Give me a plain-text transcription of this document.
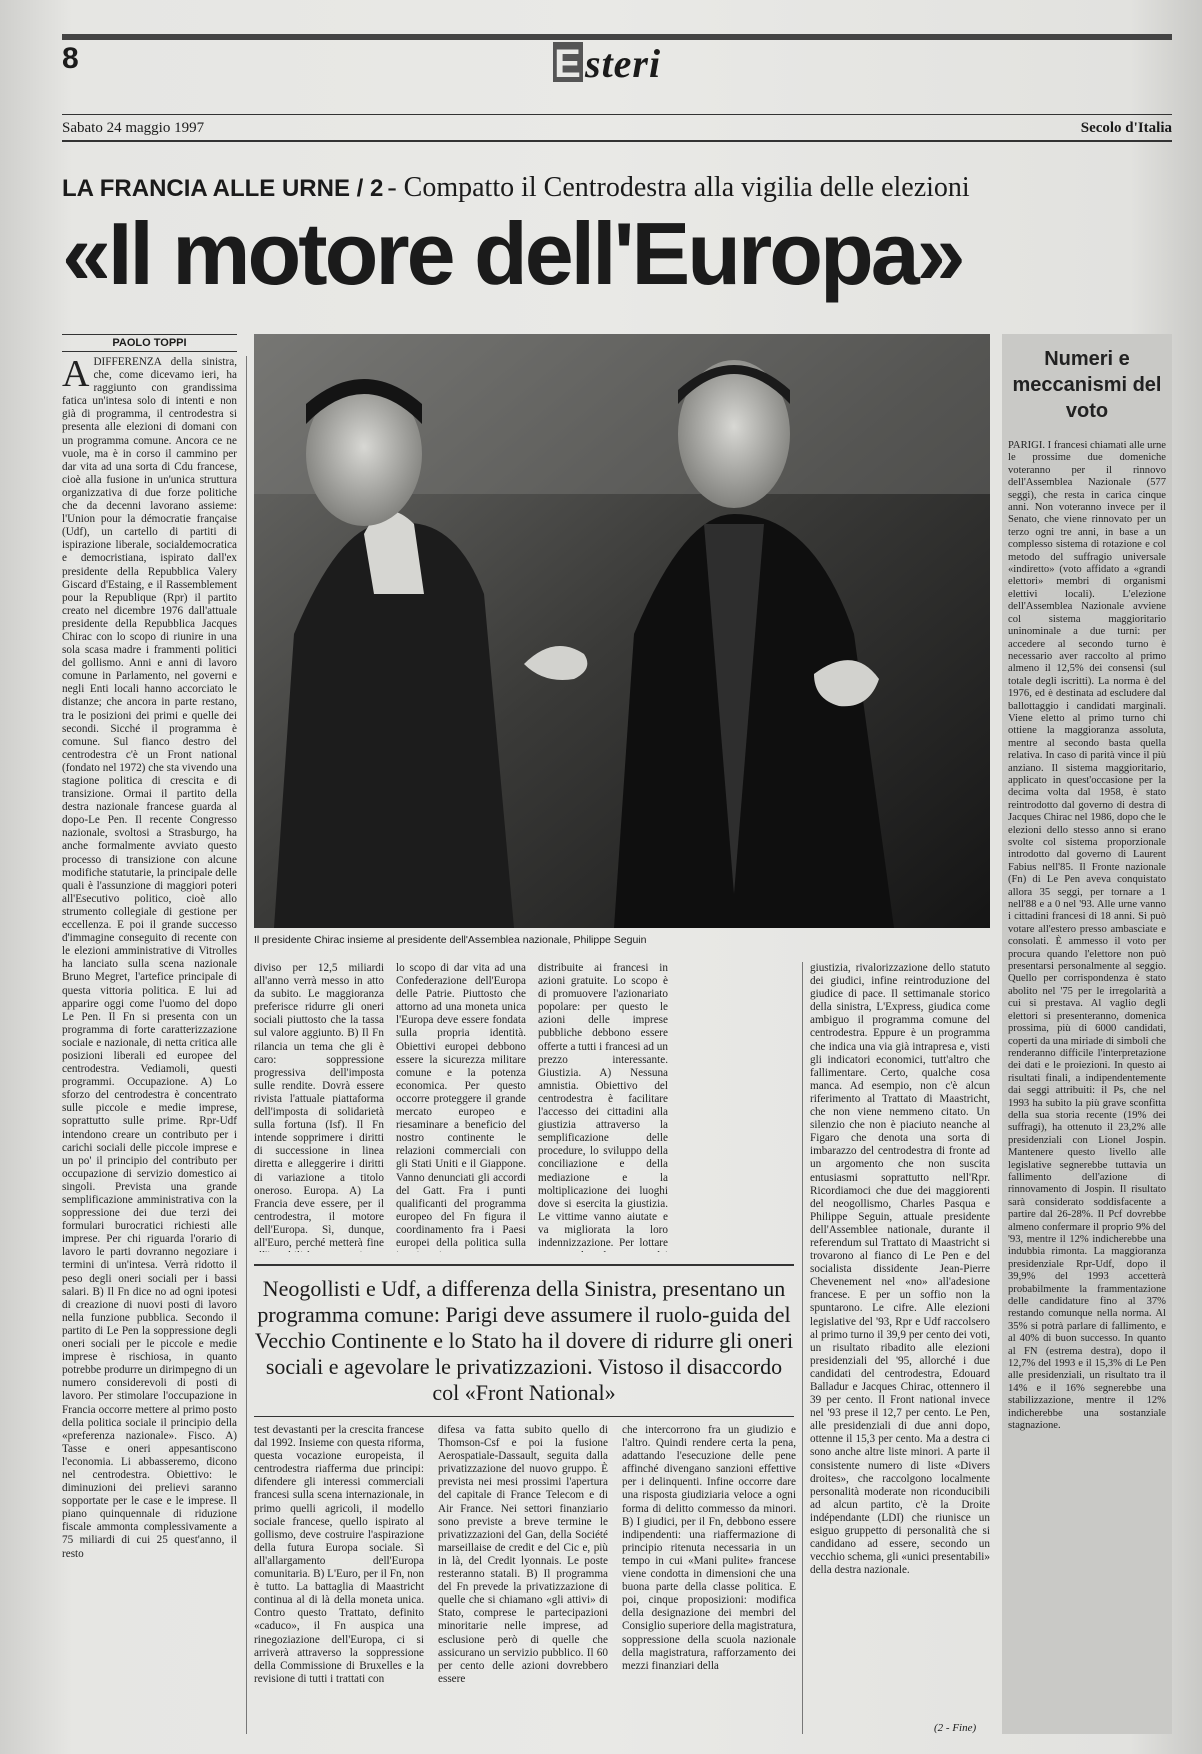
8	Esteri
Sabato 24 maggio 1997	Secolo d'Italia
LA FRANCIA ALLE URNE / 2 - Compatto il Centrodestra alla vigilia delle elezioni
«Il motore dell'Europa»
PAOLO TOPPI
ADIFFERENZA della sinistra, che, come dicevamo ieri, ha raggiunto con grandissima fatica un'intesa solo di intenti e non già di programma, il centrodestra si presenta alle elezioni di domani con un programma comune. Ancora ce ne vuole, ma è in corso il cammino per dar vita ad una sorta di Cdu francese, cioè alla fusione in un'unica struttura organizzativa di due forze politiche che da decenni lavorano assieme: l'Union pour la démocratie française (Udf), un cartello di partiti di ispirazione liberale, socialdemocratica e democristiana, ispirato dall'ex presidente della Repubblica Valery Giscard d'Estaing, e il Rassemblement pour la Republique (Rpr) il partito creato nel dicembre 1976 dall'attuale presidente della Repubblica Jacques Chirac con lo scopo di riunire in una sola scasa madre i frammenti politici del gollismo. Anni e anni di lavoro comune in Parlamento, nel governi e negli Enti locali hanno accorciato le distanze; che ancora in parte restano, tra le posizioni dei primi e quelle dei secondi. Sicché il programma è comune. Sul fianco destro del centrodestra c'è un Front national (fondato nel 1972) che sta vivendo una stagione politica di crescita e di transizione. Ormai il partito della destra nazionale francese guarda al dopo-Le Pen. Il recente Congresso nazionale, svoltosi a Strasburgo, ha anche formalmente avviato questo processo di transizione con alcune modifiche statutarie, la principale delle quali è l'assunzione di maggiori poteri all'Esecutivo politico, cioè allo strumento collegiale di gestione per eccellenza. E poi il grande successo d'immagine conseguito di recente con le elezioni amministrative di Vitrolles ha lanciato sulla scena nazionale Bruno Megret, l'artefice principale di questa vittoria politica. E lui ad apparire oggi come l'uomo del dopo Le Pen. Il Fn si presenta con un programma di forte caratterizzazione sociale e nazionale, di netta critica alle posizioni liberali ed europee del centrodestra. Vediamoli, questi programmi. Occupazione. A) Lo sforzo del centrodestra è concentrato sulle piccole e medie imprese, soprattutto sulle prime. Rpr-Udf intendono creare un contributo per i carichi sociali delle piccole imprese e un po' il principio del contributo per occupazione di servizio domestico ai singoli. Prevista una grande semplificazione amministrativa con la soppressione dei due terzi dei formulari burocratici richiesti alle imprese. Per chi riguarda l'orario di lavoro le parti dovranno negoziare i termini di un'intesa. Verrà ridotto il peso degli oneri sociali per i bassi salari. B) Il Fn dice no ad ogni ipotesi di creazione di nuovi posti di lavoro nella funzione pubblica. Secondo il partito di Le Pen la soppressione degli oneri sociali per le piccole e medie imprese è rischiosa, in quanto potrebbe produrre un dirimpegno di un numero considerevoli di posti di lavoro. Per stimolare l'occupazione in Francia occorre mettere al primo posto della politica sociale il principio della «preferenza nazionale». Fisco. A) Tasse e oneri appesantiscono l'economia. Li abbasseremo, dicono nel centrodestra. Obiettivo: le diminuzioni dei prelievi saranno sopportate per le case e le imprese. Il piano quinquennale di riduzione fiscale ammonta complessivamente a 75 miliardi di cui 25 quest'anno, il resto
Il presidente Chirac insieme al presidente dell'Assemblea nazionale, Philippe Seguin
diviso per 12,5 miliardi all'anno verrà messo in atto da subito. Le maggioranza preferisce ridurre gli oneri sociali piuttosto che la tassa sul valore aggiunto. B) Il Fn rilancia un tema che gli è caro: soppressione progressiva dell'imposta sulle rendite. Dovrà essere rivista l'attuale piattaforma dell'imposta di solidarietà sulla fortuna (Isf). Il Fn intende sopprimere i diritti di successione in linea diretta e alleggerire i diritti di variazione a titolo oneroso. Europa. A) La Francia deve essere, per il centrodestra, il motore dell'Europa. Sì, dunque, all'Euro, perché metterà fine
lo scopo di dar vita ad una Confederazione dell'Europa delle Patrie. Piuttosto che attorno ad una moneta unica l'Europa deve essere fondata sulla propria identità. Obiettivi europei debbono essere la sicurezza militare comune e la potenza economica. Per questo occorre proteggere il grande mercato europeo e riesaminare a beneficio del nostro continente le relazioni commerciali con gli Stati Uniti e il Giappone. Vanno denunciati gli accordi del Gatt. Fra i punti qualificanti del programma europeo del Fn figura il coordinamento fra i Paesi europei della politica sulla
distribuite ai francesi in azioni gratuite. Lo scopo è di promuovere l'azionariato popolare: per questo le azioni delle imprese pubbliche debbono essere offerte a tutti i francesi ad un prezzo interessante. Giustizia. A) Nessuna amnistia. Obiettivo del centrodestra è facilitare l'accesso dei cittadini alla giustizia attraverso la semplificazione delle procedure, lo sviluppo della conciliazione e della mediazione e la moltiplicazione dei luoghi dove si esercita la giustizia. Le vittime vanno aiutate e va migliorata la loro indennizzazione. Per lottare
giustizia, rivalorizzazione dello statuto dei giudici, infine reintroduzione del giudice di pace. Il settimanale storico della sinistra, L'Express, giudica come ambiguo il programma comune del centrodestra. Eppure è un programma che indica una via già intrapresa e, visti gli indicatori economici, tutt'altro che fallimentare. Certo, qualche cosa manca. Ad esempio, non c'è alcun riferimento al Trattato di Maastricht, che non viene nemmeno citato. Un silenzio che non è piaciuto neanche al Figaro che denota una sorta di imbarazzo del centrodestra di fronte ad un argomento che non suscita entusiasmi soprattutto nell'Rpr. Ricordiamoci che due dei maggiorenti del neogollismo, Charles Pasqua e Philippe Seguin, attuale presidente dell'Assemblee nationale, durante il referendum sul Trattato di Maastricht si trovarono al fianco di Le Pen e del socialista dissidente Jean-Pierre Chevenement nel «no» all'adesione francese. E per un soffio non la spuntarono. Le cifre. Alle elezioni legislative del '93, Rpr e Udf raccolsero al primo turno il 39,9 per cento dei voti, un risultato ribadito alle elezioni presidenziali del '95, allorché i due candidati del centrodestra, Edouard Balladur e Jacques Chirac, ottennero il 39 per cento. Il Front national invece nel '93 prese il 12,7 per cento. Le Pen, alle presidenziali di due anni dopo, ottenne il 15,3 per cento. Ma a destra ci sono anche altre liste minori. A parte il consistente numero di liste «Divers droites», che raccolgono localmente personalità moderate non riconducibili ad alcun partito, c'è la Droite indépendante (LDI) che riunisce un esiguo gruppetto di personalità che si candidano ad essere, secondo un vecchio schema, gli «unici presentabili» della destra nazionale.
Neogollisti e Udf, a differenza della Sinistra, presentano un programma comune: Parigi deve assumere il ruolo-guida del Vecchio Continente e lo Stato ha il dovere di ridurre gli oneri sociali e agevolare le privatizzazioni. Vistoso il disaccordo col «Front National»
test devastanti per la crescita francese dal 1992. Insieme con questa riforma, questa vocazione europeista, il centrodestra riafferma due principi: difendere gli interessi commerciali francesi sulla scena internazionale, in primo quelli agricoli, il modello sociale francese, quello ispirato al gollismo, deve costruire l'aspirazione della futura Europa sociale. Sì all'allargamento dell'Europa comunitaria. B) L'Euro, per il Fn, non è tutto. La battaglia di Maastricht continua al di là della moneta unica. Contro questo Trattato, definito «caduco», il Fn auspica una rinegoziazione dell'Europa, ci si arriverà attraverso la soppressione della Commissione di Bruxelles e la revisione di tutti i trattati con
difesa va fatta subito quello di Thomson-Csf e poi la fusione Aerospatiale-Dassault, seguita dalla privatizzazione del nuovo gruppo. È prevista nei mesi prossimi l'apertura del capitale di France Telecom e di Air France. Nei settori finanziario sono previste a breve termine le privatizzazioni del Gan, della Société marseillaise de credit e del Cic e, più in là, del Credit lyonnais. Le poste resteranno statali. B) Il programma del Fn prevede la privatizzazione di quelle che si chiamano «gli attivi» di Stato, comprese le partecipazioni minoritarie nelle imprese, ad esclusione però di quelle che assicurano un servizio pubblico. Il 60 per cento delle azioni dovrebbero essere
che intercorrono fra un giudizio e l'altro. Quindi rendere certa la pena, adattando l'esecuzione delle pene affinché divengano sanzioni effettive per i delinquenti. Infine occorre dare una risposta giudiziaria veloce a ogni forma di delitto commesso da minori. B) I giudici, per il Fn, debbono essere indipendenti: una riaffermazione di principio ritenuta necessaria in un tempo in cui «Mani pulite» francese viene condotta in dimensioni che una buona parte della classe politica. E poi, cinque proposizioni: modifica della designazione dei membri del Consiglio superiore della magistratura, soppressione della scuola nazionale della magistratura, rafforzamento dei mezzi finanziari della
Numeri e meccanismi del voto
PARIGI. I francesi chiamati alle urne le prossime due domeniche voteranno per il rinnovo dell'Assemblea Nazionale (577 seggi), che resta in carica cinque anni. Non voteranno invece per il Senato, che viene rinnovato per un terzo ogni tre anni, in base a un complesso sistema di rotazione e col metodo del suffragio universale «indiretto» (voto affidato a «grandi elettori» membri di organismi elettivi locali). L'elezione dell'Assemblea Nazionale avviene col sistema maggioritario uninominale a due turni: per accedere al secondo turno è necessario aver raccolto al primo almeno il 12,5% dei consensi (sul totale degli iscritti). La norma è del 1976, ed è destinata ad escludere dal ballottaggio i candidati marginali. Viene eletto al primo turno chi ottiene la maggioranza assoluta, mentre al secondo basta quella relativa. In caso di parità vince il più anziano. Il sistema maggioritario, applicato in quest'occasione per la decima volta dal 1958, è stato reintrodotto dal governo di destra di Jacques Chirac nel 1986, dopo che le elezioni dello stesso anno si erano svolte col sistema proporzionale introdotto dal governo di Laurent Fabius nell'85. Il Fronte nazionale (Fn) di Le Pen aveva conquistato allora 35 seggi, per tornare a 1 nell'88 e a 0 nel '93. Alle urne vanno i cittadini francesi di 18 anni. Si può votare all'estero presso ambasciate e consolati. È ammesso il voto per procura quando l'elettore non può presentarsi personalmente al seggio. Quello per corrispondenza è stato abolito nel '75 per le irregolarità a cui si prestava. Al vaglio degli elettori si presenteranno, domenica prossima, più di 6000 candidati, coperti da una miriade di simboli che renderanno difficile l'interpretazione dei dati e le proiezioni. In questo ai risultati finali, a indipendentemente dai seggi attribuiti: il Ps, che nel 1993 ha subìto la più grave sconfitta della sua storia recente (19% dei suffragi), ha ottenuto il 23,2% alle presidenziali con Lionel Jospin. Mantenere questo livello alle legislative segnerebbe tuttavia un fallimento dell'azione di rinnovamento di Jospin. Il risultato sarà considerato soddisfacente a partire dal 26-28%. Il Pcf dovrebbe almeno confermare il proprio 9% del '93, mentre il 12% indicherebbe una indubbia rimonta. La maggioranza presidenziale Rpr-Udf, dopo il 39,9% del 1993 accetterà probabilmente la frammentazione delle candidature fino al 37% restando comunque nella norma. Al 35% si potrà parlare di fallimento, e al 40% di buon successo. In quanto al FN (estrema destra), dopo il 12,7% del 1993 e il 15,3% di Le Pen alle presidenziali, un risultato tra il 14% e il 16% segnerebbe una stabilizzazione, mentre il 12% indicherebbe una sostanziale stagnazione.
(2 - Fine)
